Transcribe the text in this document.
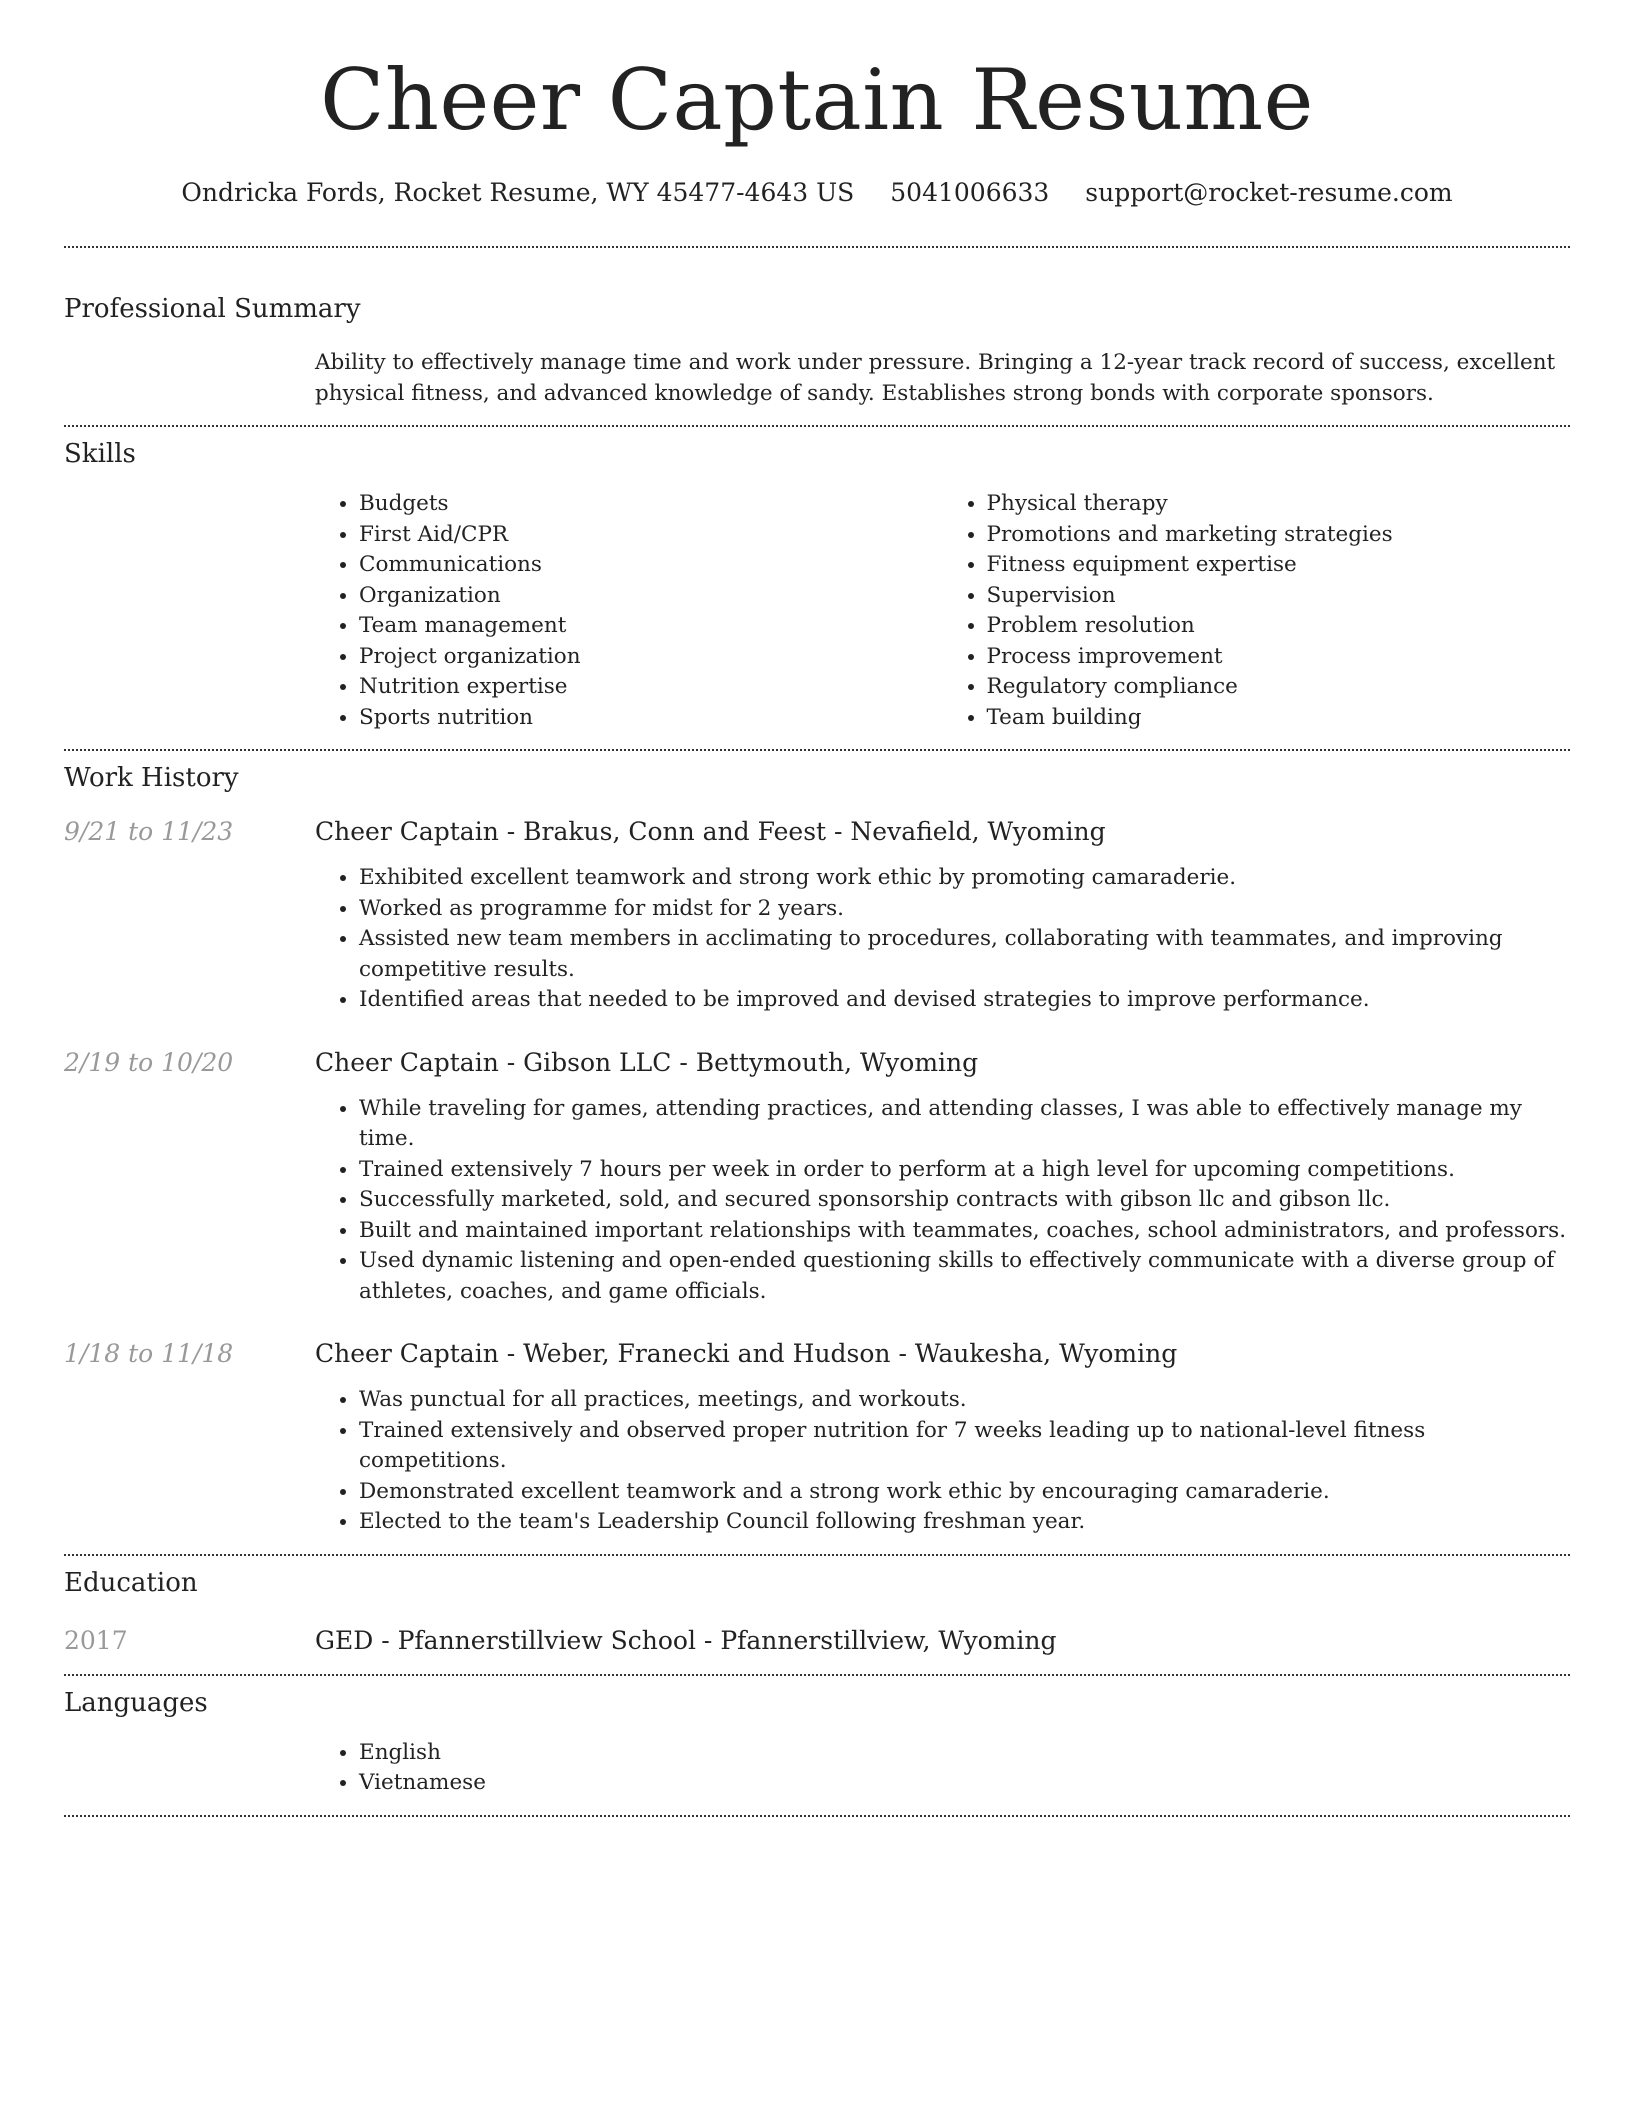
Cheer Captain Resume
Ondricka Fords, Rocket Resume, WY 45477-4643 US 5041006633 support@rocket-resume.com
Professional Summary
Ability to effectively manage time and work under pressure. Bringing a 12-year track record of success, excellent physical fitness, and advanced knowledge of sandy. Establishes strong bonds with corporate sponsors.
Skills
• Budgets
• First Aid/CPR
• Communications
• Organization
• Team management
• Project organization
• Nutrition expertise
• Sports nutrition
• Physical therapy
• Promotions and marketing strategies
• Fitness equipment expertise
• Supervision
• Problem resolution
• Process improvement
• Regulatory compliance
• Team building
Work History
9/21 to 11/23	Cheer Captain - Brakus, Conn and Feest - Nevafield, Wyoming
• Exhibited excellent teamwork and strong work ethic by promoting camaraderie.
• Worked as programme for midst for 2 years.
• Assisted new team members in acclimating to procedures, collaborating with teammates, and improving competitive results.
• Identified areas that needed to be improved and devised strategies to improve performance.
2/19 to 10/20	Cheer Captain - Gibson LLC - Bettymouth, Wyoming
• While traveling for games, attending practices, and attending classes, I was able to effectively manage my time.
• Trained extensively 7 hours per week in order to perform at a high level for upcoming competitions.
• Successfully marketed, sold, and secured sponsorship contracts with gibson llc and gibson llc.
• Built and maintained important relationships with teammates, coaches, school administrators, and professors.
• Used dynamic listening and open-ended questioning skills to effectively communicate with a diverse group of athletes, coaches, and game officials.
1/18 to 11/18	Cheer Captain - Weber, Franecki and Hudson - Waukesha, Wyoming
• Was punctual for all practices, meetings, and workouts.
• Trained extensively and observed proper nutrition for 7 weeks leading up to national-level fitness competitions.
• Demonstrated excellent teamwork and a strong work ethic by encouraging camaraderie.
• Elected to the team's Leadership Council following freshman year.
Education
2017	GED - Pfannerstillview School - Pfannerstillview, Wyoming
Languages
• English
• Vietnamese
